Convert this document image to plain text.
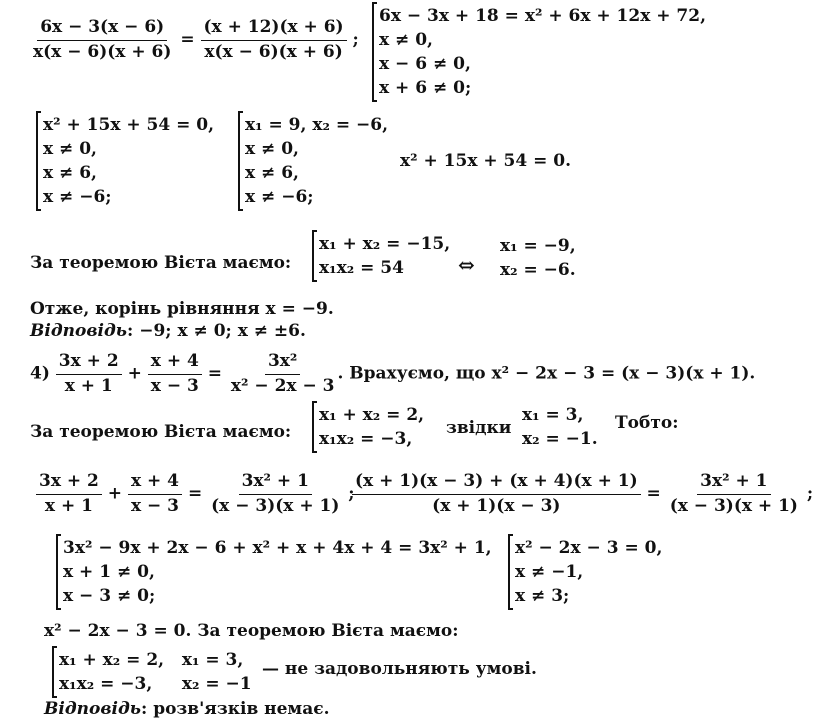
$\frac{6x - 3(x - 6)}{x(x - 6)(x + 6)} = \frac{(x + 12)(x + 6)}{x(x - 6)(x + 6)}$ ;
6x − 3x + 18 = x² + 6x + 12x + 72,
x ≠ 0,
x − 6 ≠ 0,
x + 6 ≠ 0;
x² + 15x + 54 = 0,
x ≠ 0,
x ≠ 6,
x ≠ −6;
x₁ = 9, x₂ = −6,
x ≠ 0,
x ≠ 6,
x ≠ −6;
x² + 15x + 54 = 0.
За теоремою Вієта маємо:
x₁ + x₂ = −15,
x₁x₂ = 54	⇔
x₁ = −9,
x₂ = −6.
Отже, корінь рівняння x = −9.
Відповідь: −9; x ≠ 0; x ≠ ±6.
$4) \frac{3x + 2}{x + 1} + \frac{x + 4}{x - 3} = \frac{\text{3x²}}{\text{x² − 2x − 3}}$ . Врахуємо, що x² − 2x − 3 = (x − 3)(x + 1).
За теоремою Вієта маємо:
x₁ + x₂ = 2,
x₁x₂ = −3,
звідки
x₁ = 3,
x₂ = −1.
Тобто:
$\frac{3x + 2}{x + 1} + \frac{x + 4}{x - 3} = \frac{\text{3x² + 1}}{(x - 3)(x + 1)}$ ;
$\frac{(x + 1)(x - 3) + (x + 4)(x + 1)}{(x + 1)(x - 3)} = \frac{\text{3x² + 1}}{(x - 3)(x + 1)}$ ;
3x² − 9x + 2x − 6 + x² + x + 4x + 4 = 3x² + 1,
x + 1 ≠ 0,
x − 3 ≠ 0;
x² − 2x − 3 = 0,
x ≠ −1,
x ≠ 3;
x² − 2x − 3 = 0. За теоремою Вієта маємо:
x₁ + x₂ = 2,   x₁ = 3,
x₁x₂ = −3,     x₂ = −1
— не задовольняють умові.
Відповідь: розв'язків немає.
